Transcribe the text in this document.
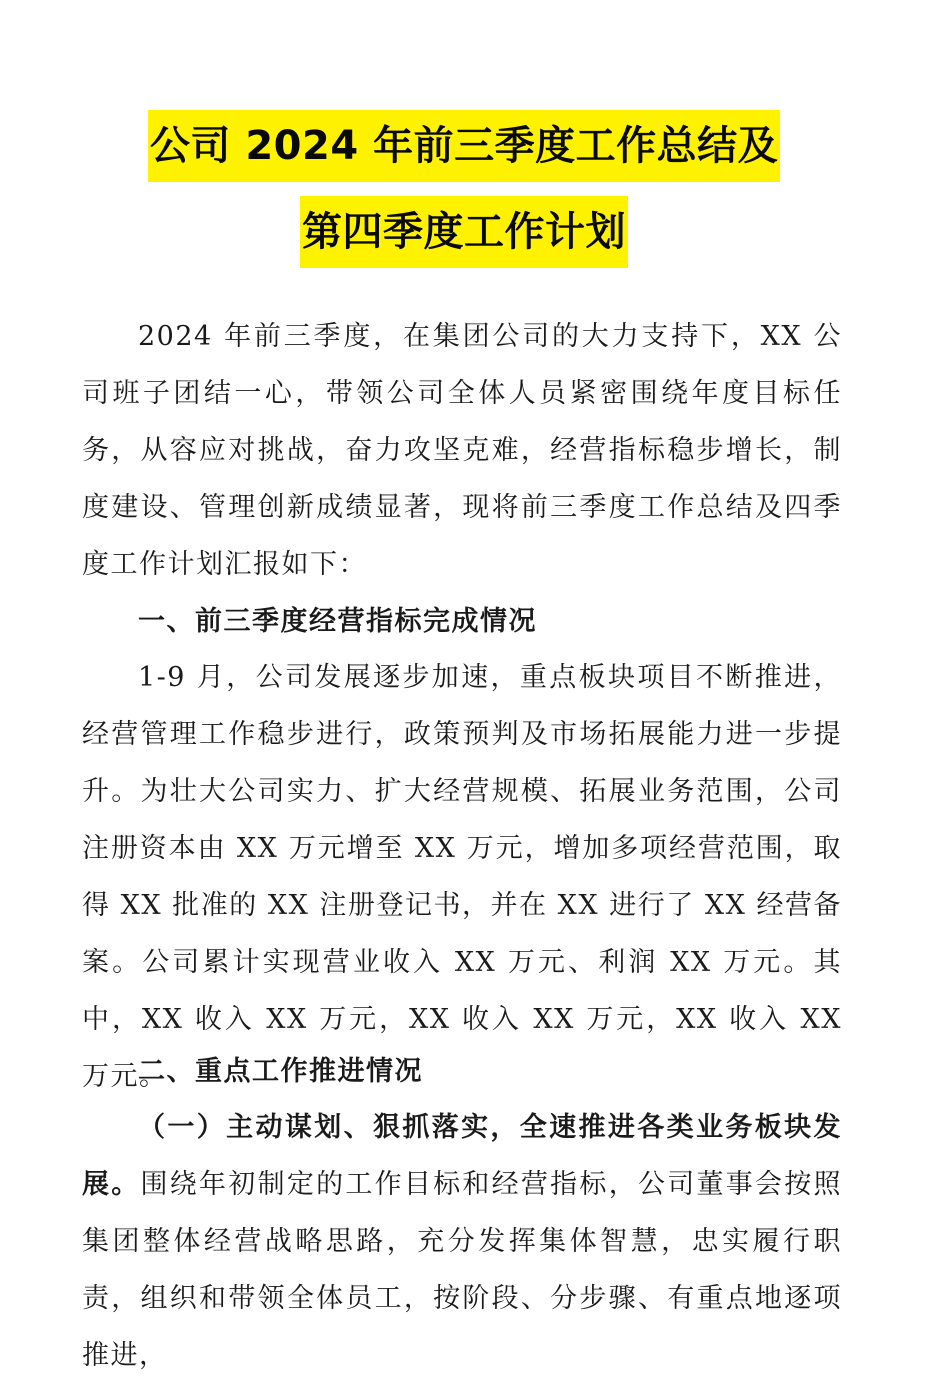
公司 2024 年前三季度工作总结及
第四季度工作计划
2024 年前三季度，在集团公司的大力支持下，XX 公司班子团结一心，带领公司全体人员紧密围绕年度目标任务，从容应对挑战，奋力攻坚克难，经营指标稳步增长，制度建设、管理创新成绩显著，现将前三季度工作总结及四季度工作计划汇报如下：
一、前三季度经营指标完成情况
1-9 月，公司发展逐步加速，重点板块项目不断推进，经营管理工作稳步进行，政策预判及市场拓展能力进一步提升。为壮大公司实力、扩大经营规模、拓展业务范围，公司注册资本由 XX 万元增至 XX 万元，增加多项经营范围，取得 XX 批准的 XX 注册登记书，并在 XX 进行了 XX 经营备案。公司累计实现营业收入 XX 万元、利润 XX 万元。其中，XX 收入 XX 万元，XX 收入 XX 万元，XX 收入 XX 万元。
二、重点工作推进情况
（一）主动谋划、狠抓落实，全速推进各类业务板块发展。围绕年初制定的工作目标和经营指标，公司董事会按照集团整体经营战略思路，充分发挥集体智慧，忠实履行职责，组织和带领全体员工，按阶段、分步骤、有重点地逐项推进，
